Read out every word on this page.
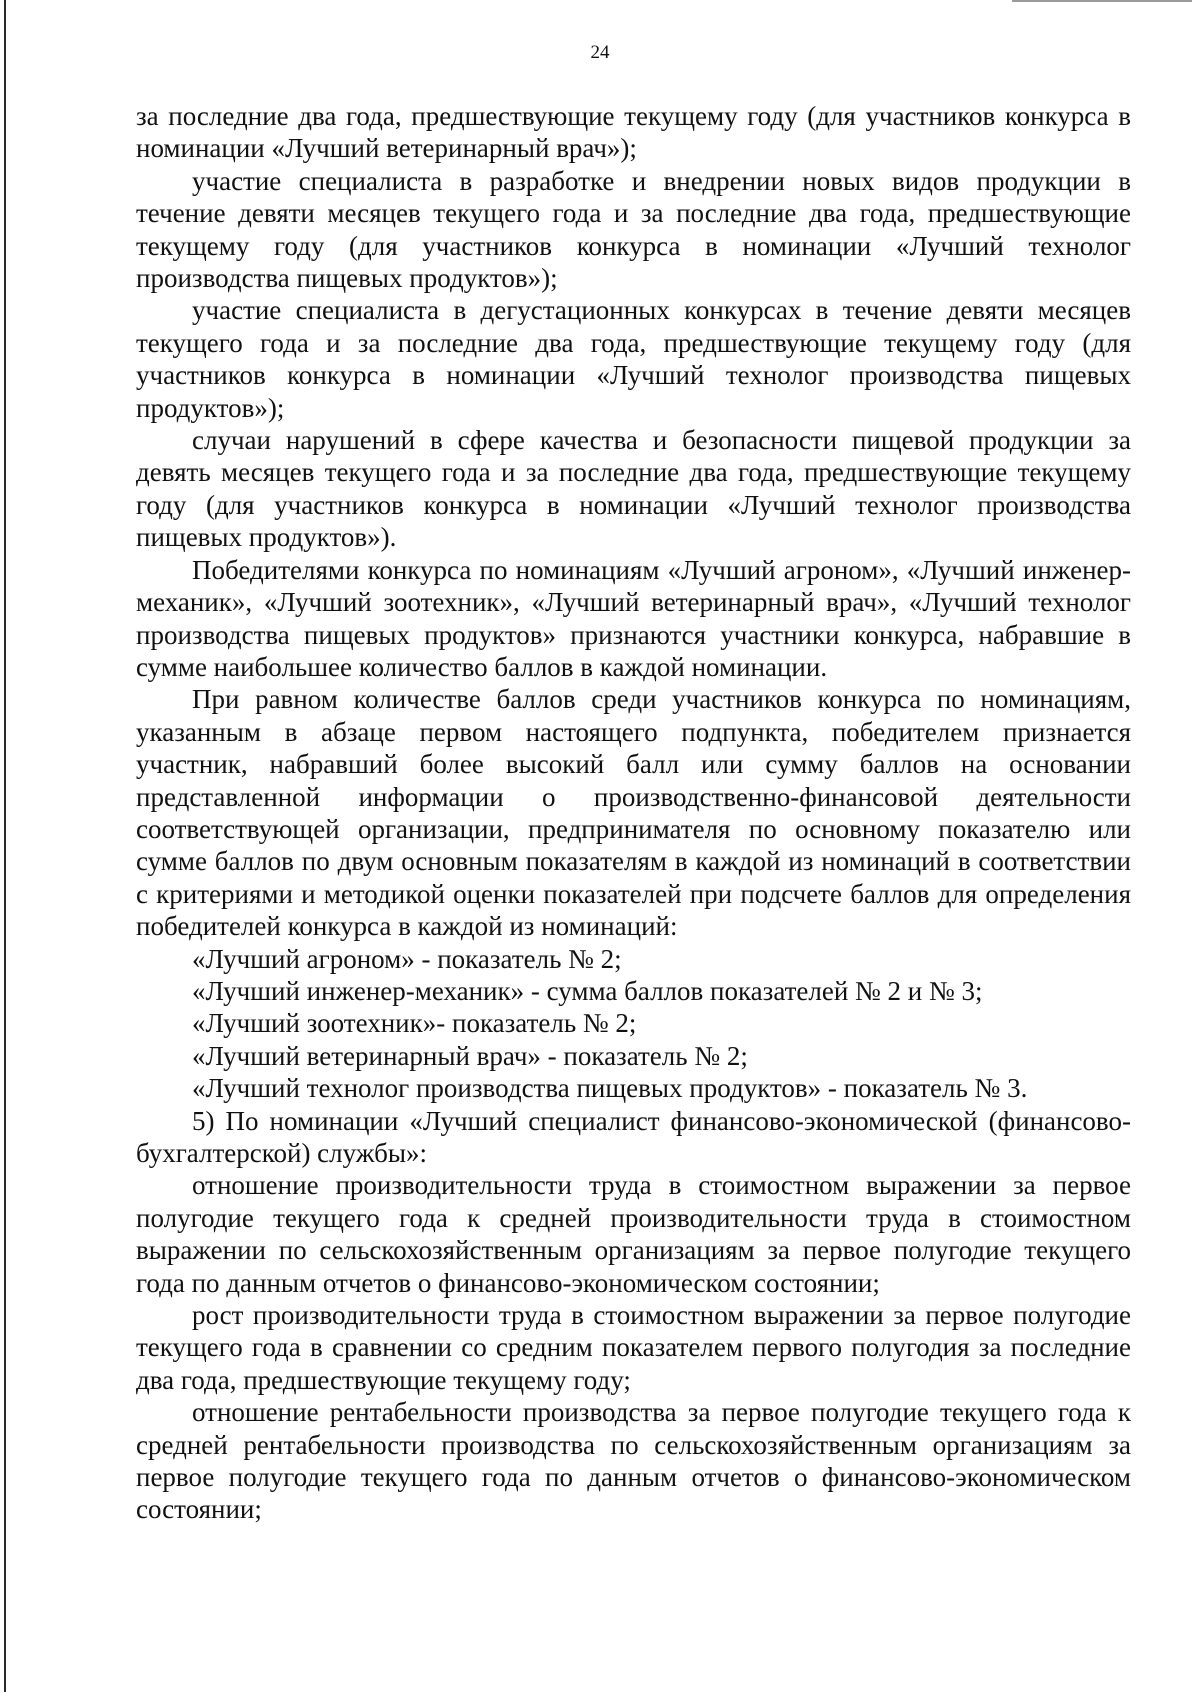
24

за последние два года, предшествующие текущему году (для участников конкурса в номинации «Лучший ветеринарный врач»);

участие специалиста в разработке и внедрении новых видов продукции в течение девяти месяцев текущего года и за последние два года, предшествующие текущему году (для участников конкурса в номинации «Лучший технолог производства пищевых продуктов»);

участие специалиста в дегустационных конкурсах в течение девяти месяцев текущего года и за последние два года, предшествующие текущему году (для участников конкурса в номинации «Лучший технолог производства пищевых продуктов»);

случаи нарушений в сфере качества и безопасности пищевой продукции за девять месяцев текущего года и за последние два года, предшествующие текущему году (для участников конкурса в номинации «Лучший технолог производства пищевых продуктов»).

Победителями конкурса по номинациям «Лучший агроном», «Лучший инженер-механик», «Лучший зоотехник», «Лучший ветеринарный врач», «Лучший технолог производства пищевых продуктов» признаются участники конкурса, набравшие в сумме наибольшее количество баллов в каждой номинации.

При равном количестве баллов среди участников конкурса по номинациям, указанным в абзаце первом настоящего подпункта, победителем признается участник, набравший более высокий балл или сумму баллов на основании представленной информации о производственно-финансовой деятельности соответствующей организации, предпринимателя по основному показателю или сумме баллов по двум основным показателям в каждой из номинаций в соответствии с критериями и методикой оценки показателей при подсчете баллов для определения победителей конкурса в каждой из номинаций:

«Лучший агроном» - показатель № 2;

«Лучший инженер-механик» - сумма баллов показателей № 2 и № 3;

«Лучший зоотехник»- показатель № 2;

«Лучший ветеринарный врач» - показатель № 2;

«Лучший технолог производства пищевых продуктов» - показатель № 3.

5) По номинации «Лучший специалист финансово-экономической (финансово-бухгалтерской) службы»:

отношение производительности труда в стоимостном выражении за первое полугодие текущего года к средней производительности труда в стоимостном выражении по сельскохозяйственным организациям за первое полугодие текущего года по данным отчетов о финансово-экономическом состоянии;

рост производительности труда в стоимостном выражении за первое полугодие текущего года в сравнении со средним показателем первого полугодия за последние два года, предшествующие текущему году;

отношение рентабельности производства за первое полугодие текущего года к средней рентабельности производства по сельскохозяйственным организациям за первое полугодие текущего года по данным отчетов о финансово-экономическом состоянии;
